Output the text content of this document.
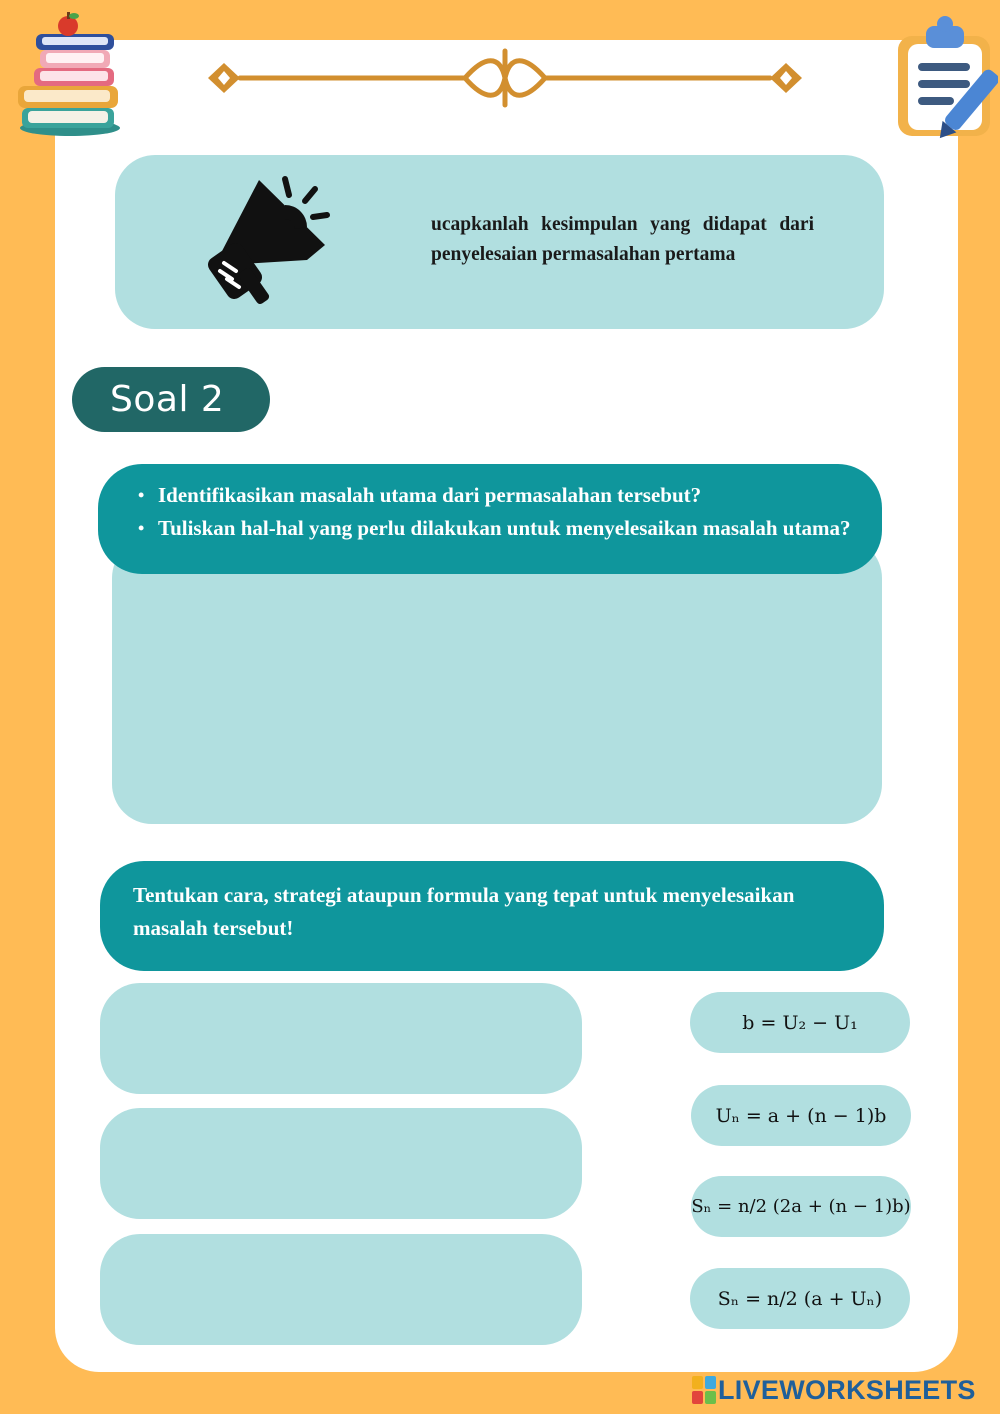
ucapkanlah kesimpulan yang didapat dari penyelesaian permasalahan pertama
Soal 2
• Identifikasikan masalah utama dari permasalahan tersebut?
• Tuliskan hal-hal yang perlu dilakukan untuk menyelesaikan masalah utama?
Tentukan cara, strategi ataupun formula yang tepat untuk menyelesaikan masalah tersebut!
b = U₂ − U₁
Uₙ = a + (n − 1)b
Sₙ = n/2 (2a + (n − 1)b)
Sₙ = n/2 (a + Uₙ)
LIVEWORKSHEETS
